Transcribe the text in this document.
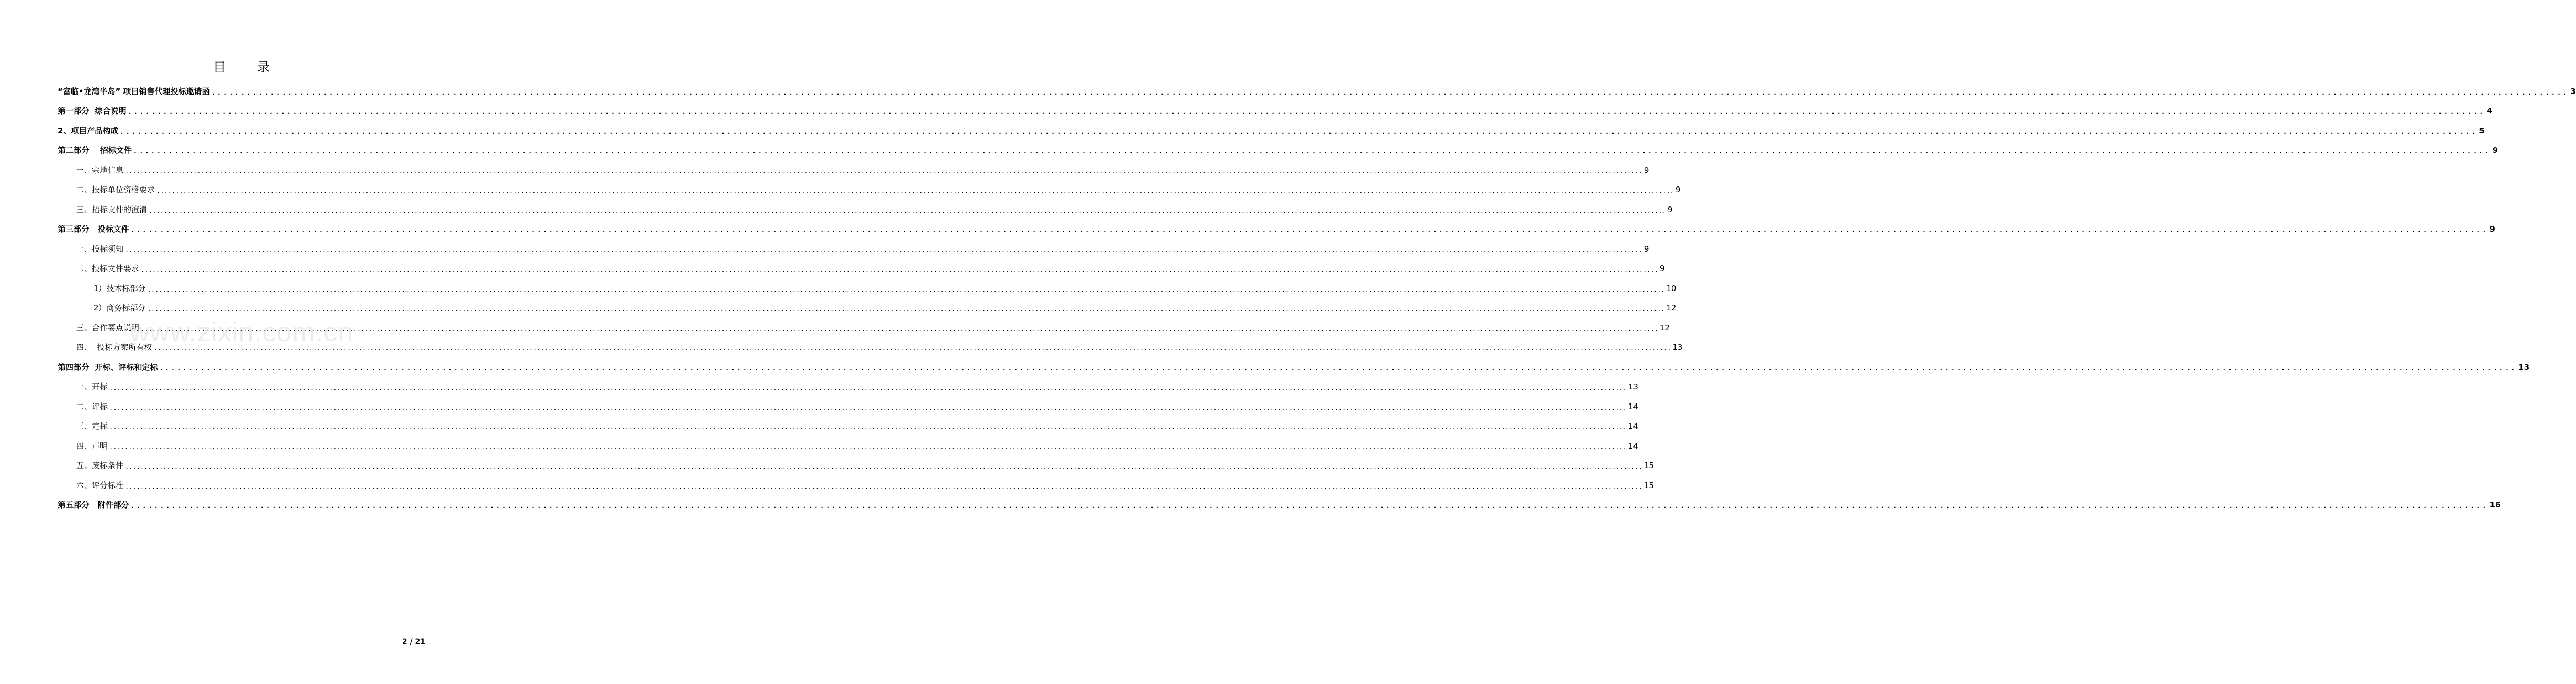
目录
“富临•龙湾半岛” 项目销售代理投标邀请函 ................................................................................................................................................................................................................................................................................................................................................................................................................ 3
第一部分  综合说明 ................................................................................................................................................................................................................................................................................................................................................................................................................ 4
2、项目产品构成 ................................................................................................................................................................................................................................................................................................................................................................................................................ 5
第二部分    招标文件 ................................................................................................................................................................................................................................................................................................................................................................................................................ 9
一、宗地信息 ................................................................................................................................................................................................................................................................................................................................................................................................................ 9
二、投标单位资格要求 ................................................................................................................................................................................................................................................................................................................................................................................................................ 9
三、招标文件的澄清 ................................................................................................................................................................................................................................................................................................................................................................................................................ 9
第三部分   投标文件 ................................................................................................................................................................................................................................................................................................................................................................................................................ 9
一、投标须知 ................................................................................................................................................................................................................................................................................................................................................................................................................ 9
二、投标文件要求 ................................................................................................................................................................................................................................................................................................................................................................................................................ 9
1）技术标部分 ................................................................................................................................................................................................................................................................................................................................................................................................................ 10
2）商务标部分 ................................................................................................................................................................................................................................................................................................................................................................................................................ 12
三、合作要点说明 ................................................................................................................................................................................................................................................................................................................................................................................................................ 12
四、  投标方案所有权 ................................................................................................................................................................................................................................................................................................................................................................................................................ 13
第四部分  开标、评标和定标 ................................................................................................................................................................................................................................................................................................................................................................................................................ 13
一、开标 ................................................................................................................................................................................................................................................................................................................................................................................................................ 13
二、评标 ................................................................................................................................................................................................................................................................................................................................................................................................................ 14
三、定标 ................................................................................................................................................................................................................................................................................................................................................................................................................ 14
四、声明 ................................................................................................................................................................................................................................................................................................................................................................................................................ 14
五、废标条件 ................................................................................................................................................................................................................................................................................................................................................................................................................ 15
六、评分标准 ................................................................................................................................................................................................................................................................................................................................................................................................................ 15
第五部分   附件部分 ................................................................................................................................................................................................................................................................................................................................................................................................................ 16
www.zixin.com.cn
2 / 21
